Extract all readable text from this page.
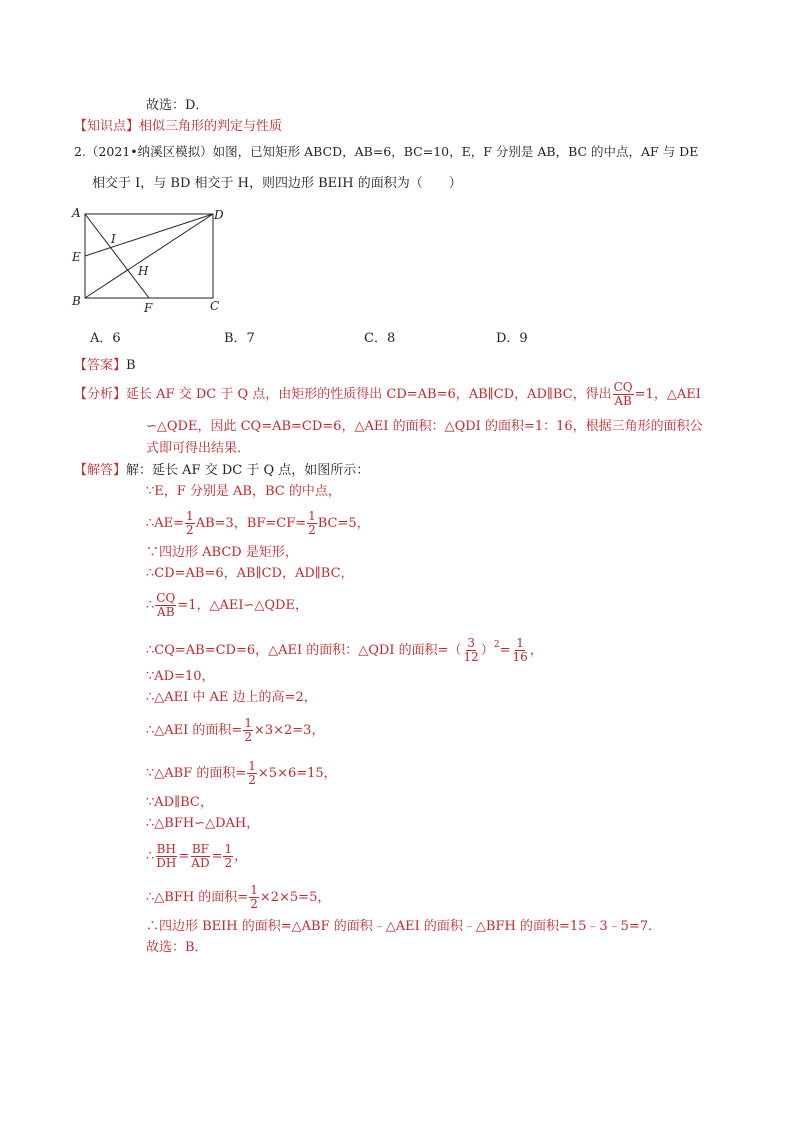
故选：D．
【知识点】相似三角形的判定与性质
2.（2021•纳溪区模拟）如图，已知矩形 ABCD，AB=6，BC=10，E，F 分别是 AB，BC 的中点，AF 与 DE
相交于 I，与 BD 相交于 H，则四边形 BEIH 的面积为（　　）
A	D
E
I
H
B	F	C
A．6	B．7	C．8	D．9
【答案】B
【分析】延长 AF 交 DC 于 Q 点，由矩形的性质得出 CD=AB=6，AB∥CD，AD∥BC，得出 $\frac{CQ}{AB} =1$，△AEI
∽△QDE，因此 CQ=AB=CD=6，△AEI 的面积：△QDI 的面积=1：16，根据三角形的面积公
式即可得出结果．
【解答】解：延长 AF 交 DC 于 Q 点，如图所示：
∵E，F 分别是 AB，BC 的中点，
∴AE= $\frac{1}{2} AB=3$，$BF=CF= \frac{1}{2} BC=5$，
∵四边形 ABCD 是矩形，
∴CD=AB=6，AB∥CD，AD∥BC，
∴ $\frac{CQ}{AB} =1$，△AEI∽△QDE，
∴CQ=AB=CD=6，△AEI 的面积：△QDI 的面积=（ $\frac{3}{12} )^2= \frac{1}{16}$ ，
∵AD=10，
∴△AEI 中 AE 边上的高=2，
∴△AEI 的面积= $\frac{1}{2} \times 3\times 2=3$，
∵△ABF 的面积= $\frac{1}{2} \times 5\times 6=15$，
∵AD∥BC，
∴△BFH∽△DAH，
∴ $\frac{BH}{DH} = \frac{BF}{AD} = \frac{1}{2}$ ，
∴△BFH 的面积= $\frac{1}{2} \times 2\times 5=5$，
∴四边形 BEIH 的面积=△ABF 的面积﹣△AEI 的面积﹣△BFH 的面积=15﹣3﹣5=7．
故选：B．
